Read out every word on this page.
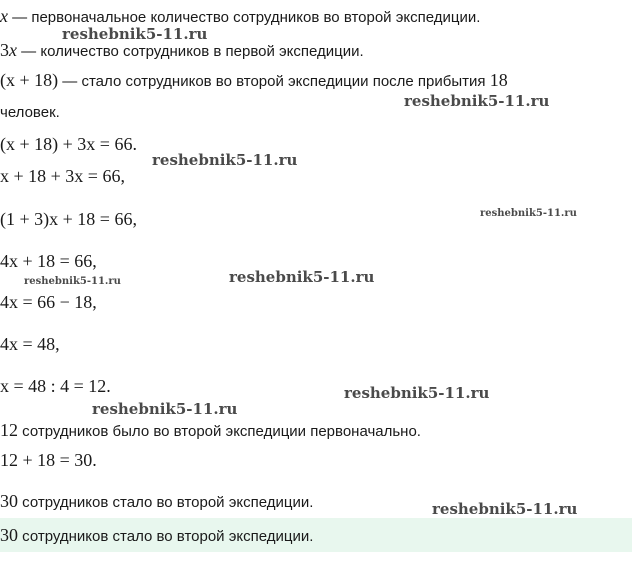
x — первоначальное количество сотрудников во второй экспедиции.
reshebnik5-11.ru
3x — количество сотрудников в первой экспедиции.
(x + 18) — стало сотрудников во второй экспедиции после прибытия 18
reshebnik5-11.ru
человек.
(x + 18) + 3x = 66.
reshebnik5-11.ru
x + 18 + 3x = 66,
(1 + 3)x + 18 = 66,	reshebnik5-11.ru
4x + 18 = 66,
reshebnik5-11.ru	reshebnik5-11.ru
4x = 66 − 18,
4x = 48,
x = 48 : 4 = 12.	reshebnik5-11.ru
reshebnik5-11.ru
12 сотрудников было во второй экспедиции первоначально.
12 + 18 = 30.
30 сотрудников стало во второй экспедиции.	reshebnik5-11.ru
30 сотрудников стало во второй экспедиции.
